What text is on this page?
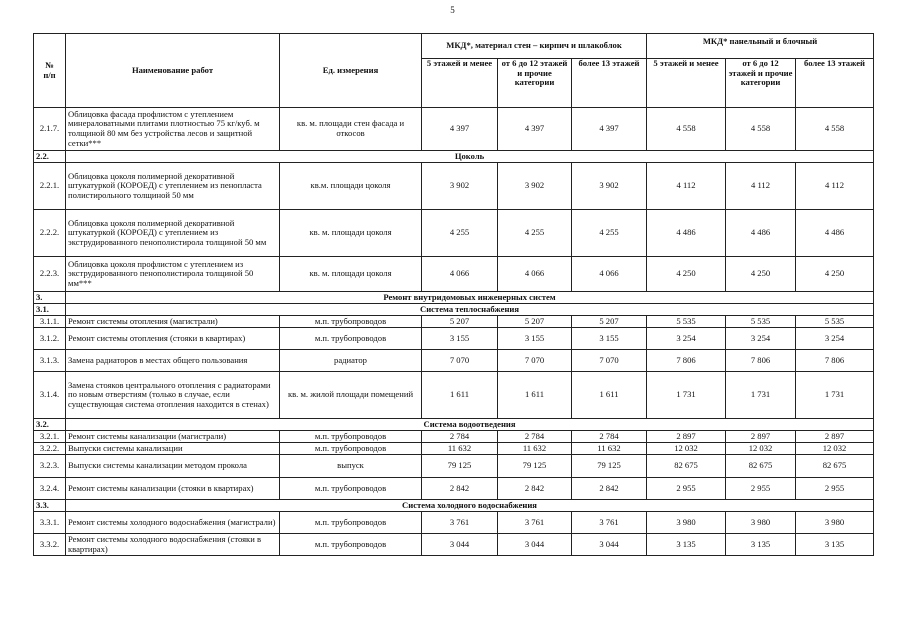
5
№
п/п	Наименование работ	Ед. измерения	МКД*, материал стен – кирпич и шлакоблок			МКД* панельный и блочный		
			5 этажей и менее	от 6 до 12 этажей и прочие категории	более 13 этажей	5 этажей и менее	от 6 до 12 этажей и прочие категории	более 13 этажей
2.1.7.	Облицовка фасада профлистом с утеплением минераловатными плитами плотностью 75 кг/куб. м толщиной 80 мм без устройства лесов и защитной сетки***	кв. м. площади стен фасада и откосов	4 397	4 397	4 397	4 558	4 558	4 558
2.2.	Цоколь							
2.2.1.	Облицовка цоколя полимерной декоративной штукатуркой (КОРОЕД) с утеплением из пенопласта полистирольного толщиной 50 мм	кв.м. площади цоколя	3 902	3 902	3 902	4 112	4 112	4 112
2.2.2.	Облицовка цоколя полимерной декоративной штукатуркой (КОРОЕД) с утеплением из экструдированного пенополистирола толщиной 50 мм	кв. м. площади цоколя	4 255	4 255	4 255	4 486	4 486	4 486
2.2.3.	Облицовка цоколя профлистом с утеплением из экструдированного пенополистирола толщиной 50 мм***	кв. м. площади цоколя	4 066	4 066	4 066	4 250	4 250	4 250
3.	Ремонт внутридомовых инженерных систем							
3.1.	Система теплоснабжения							
3.1.1.	Ремонт системы отопления (магистрали)	м.п. трубопроводов	5 207	5 207	5 207	5 535	5 535	5 535
3.1.2.	Ремонт системы отопления (стояки в квартирах)	м.п. трубопроводов	3 155	3 155	3 155	3 254	3 254	3 254
3.1.3.	Замена радиаторов в местах общего пользования	радиатор	7 070	7 070	7 070	7 806	7 806	7 806
3.1.4.	Замена стояков центрального отопления с радиаторами по новым отверстиям (только в случае, если существующая система отопления находится в стенах)	кв. м. жилой площади помещений	1 611	1 611	1 611	1 731	1 731	1 731
3.2.	Система водоотведения							
3.2.1.	Ремонт системы канализации (магистрали)	м.п. трубопроводов	2 784	2 784	2 784	2 897	2 897	2 897
3.2.2.	Выпуски системы канализации	м.п. трубопроводов	11 632	11 632	11 632	12 032	12 032	12 032
3.2.3.	Выпуски системы канализации методом прокола	выпуск	79 125	79 125	79 125	82 675	82 675	82 675
3.2.4.	Ремонт системы канализации (стояки в квартирах)	м.п. трубопроводов	2 842	2 842	2 842	2 955	2 955	2 955
3.3.	Система холодного водоснабжения							
3.3.1.	Ремонт системы холодного водоснабжения (магистрали)	м.п. трубопроводов	3 761	3 761	3 761	3 980	3 980	3 980
3.3.2.	Ремонт системы холодного водоснабжения (стояки в квартирах)	м.п. трубопроводов	3 044	3 044	3 044	3 135	3 135	3 135
